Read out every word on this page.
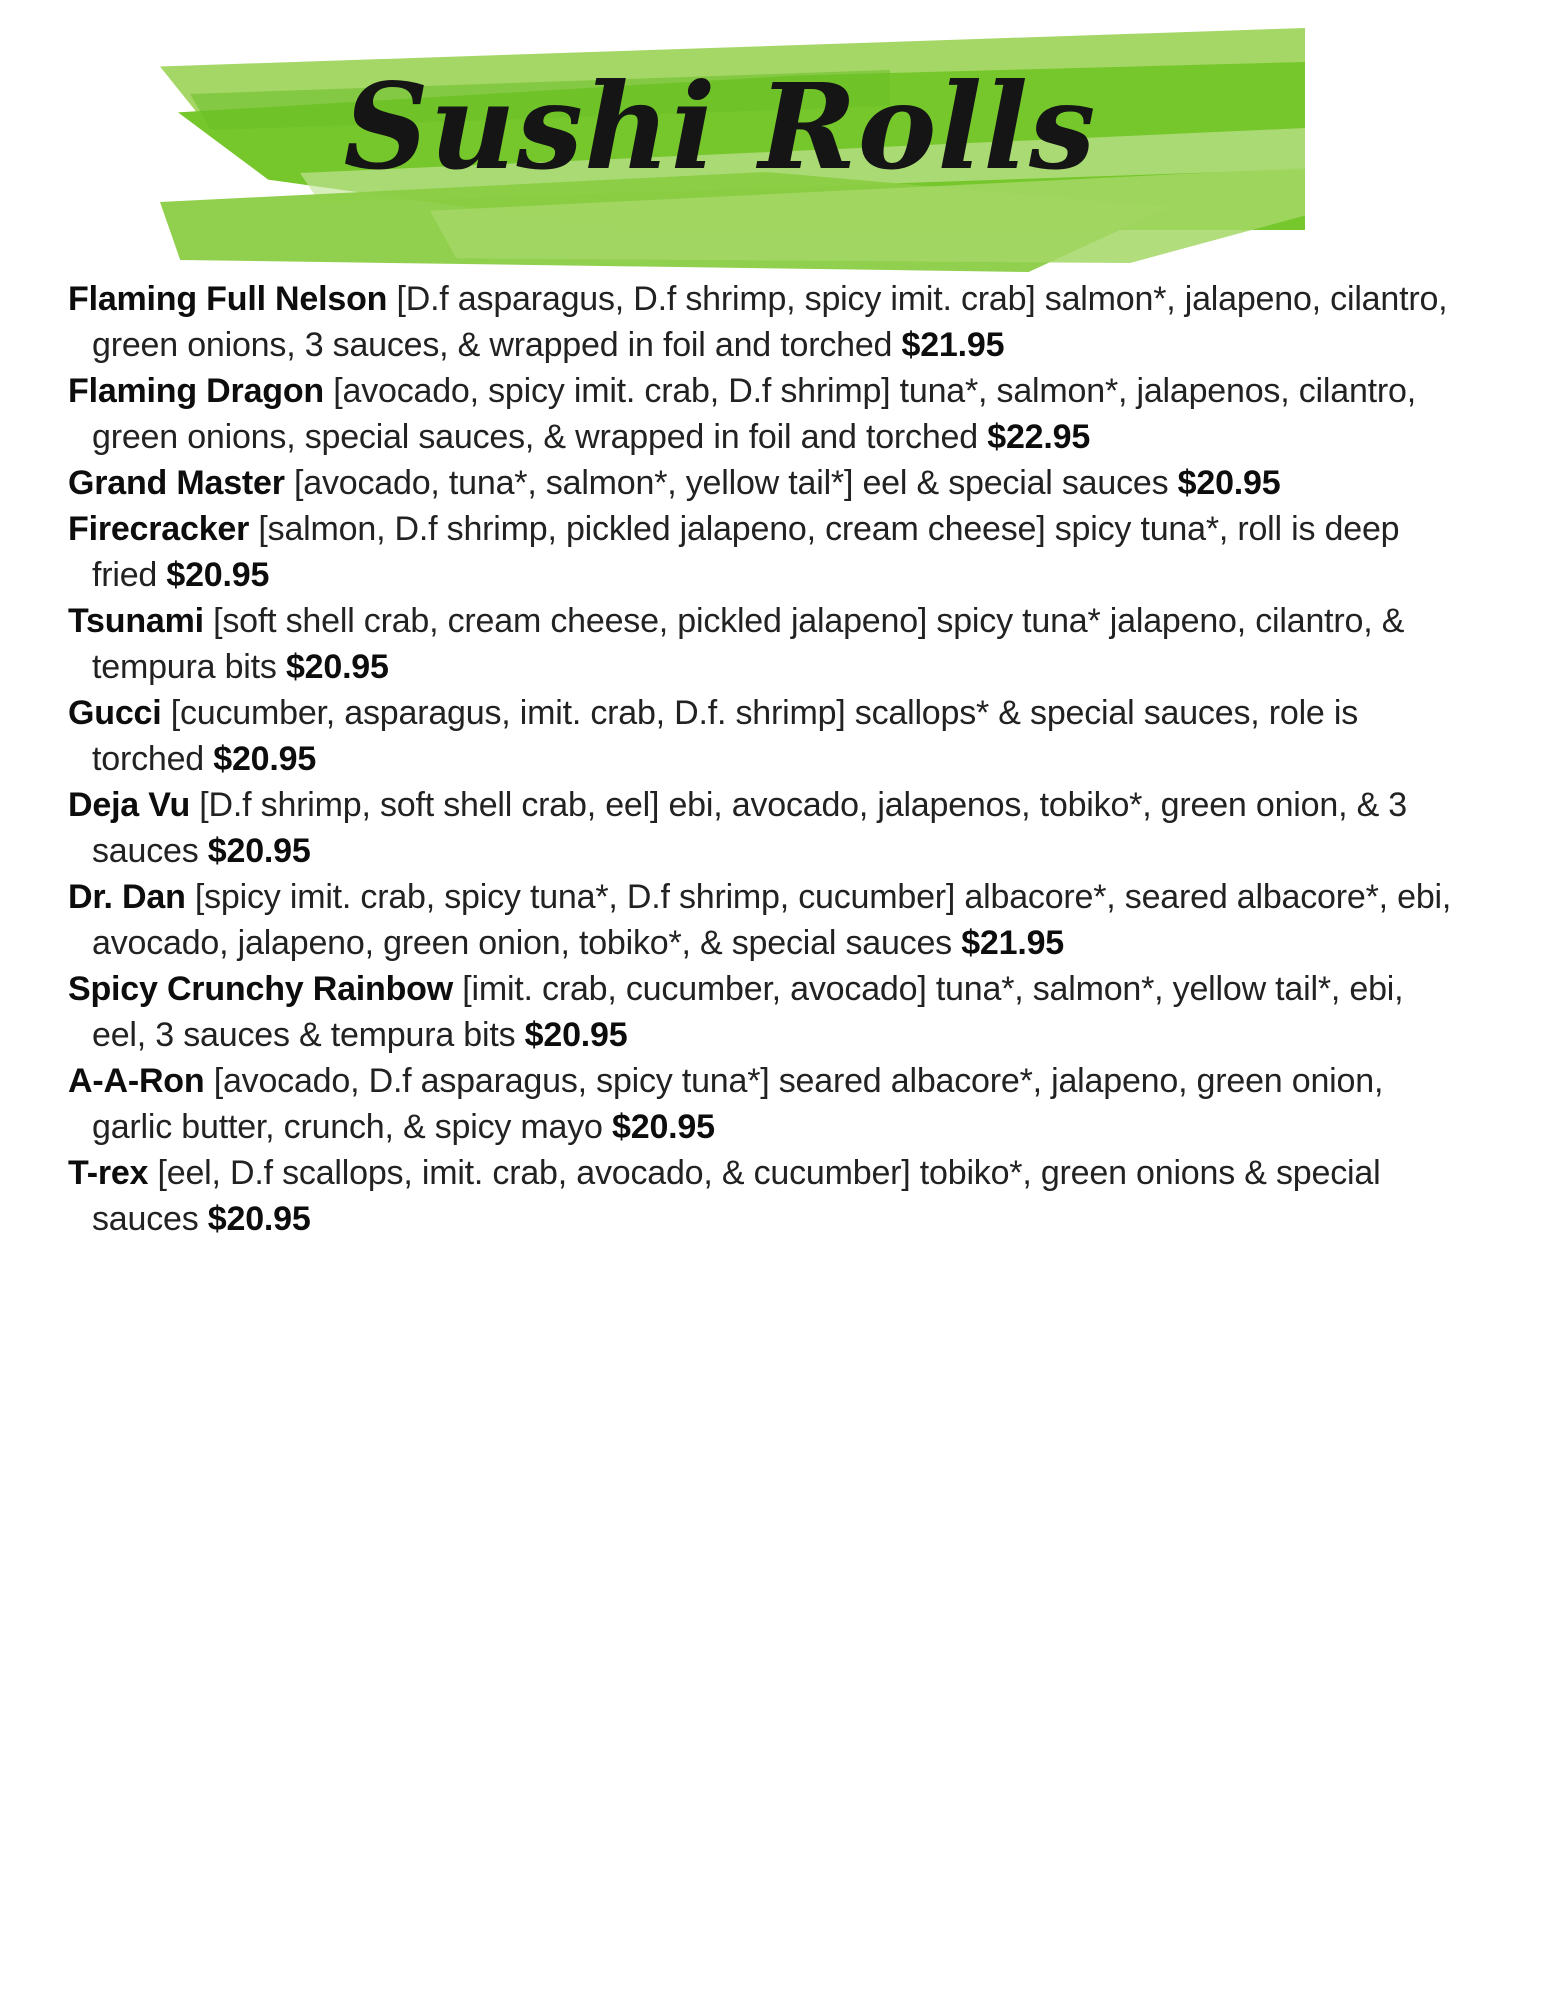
Sushi Rolls

Flaming Full Nelson [D.f asparagus, D.f shrimp, spicy imit. crab] salmon*, jalapeno, cilantro, green onions, 3 sauces, & wrapped in foil and torched $21.95

Flaming Dragon [avocado, spicy imit. crab, D.f shrimp] tuna*, salmon*, jalapenos, cilantro, green onions, special sauces, & wrapped in foil and torched $22.95

Grand Master [avocado, tuna*, salmon*, yellow tail*] eel & special sauces $20.95

Firecracker [salmon, D.f shrimp, pickled jalapeno, cream cheese] spicy tuna*, roll is deep fried $20.95

Tsunami [soft shell crab, cream cheese, pickled jalapeno] spicy tuna* jalapeno, cilantro, & tempura bits $20.95

Gucci [cucumber, asparagus, imit. crab, D.f. shrimp] scallops* & special sauces, role is torched $20.95

Deja Vu [D.f shrimp, soft shell crab, eel] ebi, avocado, jalapenos, tobiko*, green onion, & 3 sauces $20.95

Dr. Dan [spicy imit. crab, spicy tuna*, D.f shrimp, cucumber] albacore*, seared albacore*, ebi, avocado, jalapeno, green onion, tobiko*, & special sauces $21.95

Spicy Crunchy Rainbow [imit. crab, cucumber, avocado] tuna*, salmon*, yellow tail*, ebi, eel, 3 sauces & tempura bits $20.95

A-A-Ron [avocado, D.f asparagus, spicy tuna*] seared albacore*, jalapeno, green onion, garlic butter, crunch, & spicy mayo $20.95

T-rex [eel, D.f scallops, imit. crab, avocado, & cucumber] tobiko*, green onions & special sauces $20.95
